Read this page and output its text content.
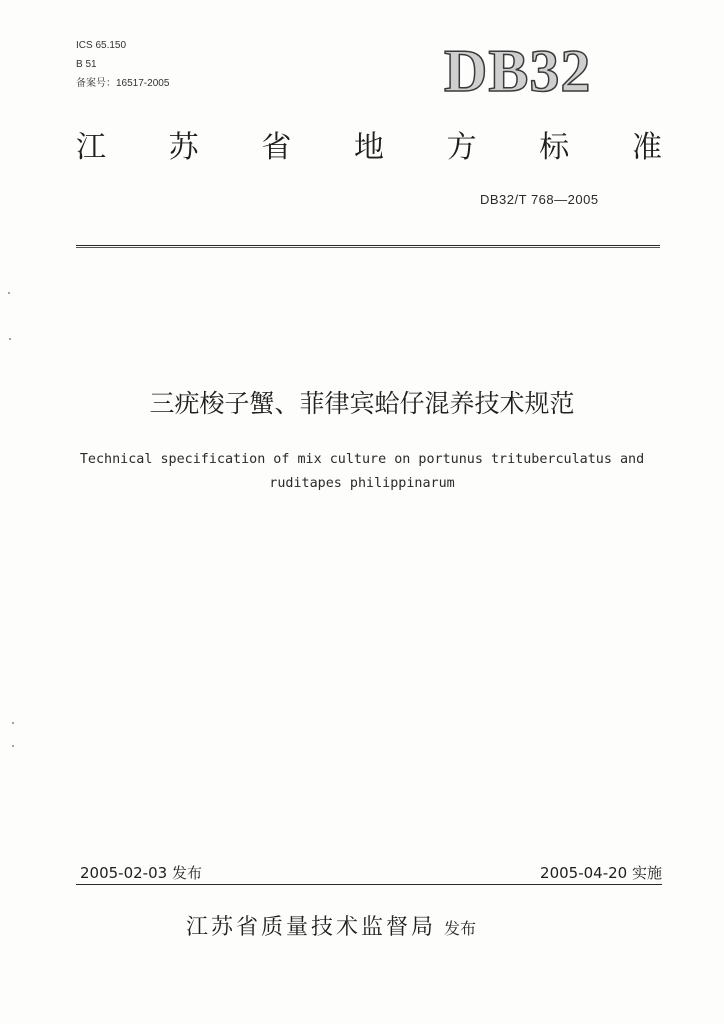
ICS 65.150
B 51
备案号：16517-2005	DB32
江 苏 省 地 方 标 准
DB32/T 768—2005
三疣梭子蟹、菲律宾蛤仔混养技术规范
Technical specification of mix culture on portunus trituberculatus and
ruditapes philippinarum
2005-02-03 发布	2005-04-20 实施
江苏省质量技术监督局 发布
